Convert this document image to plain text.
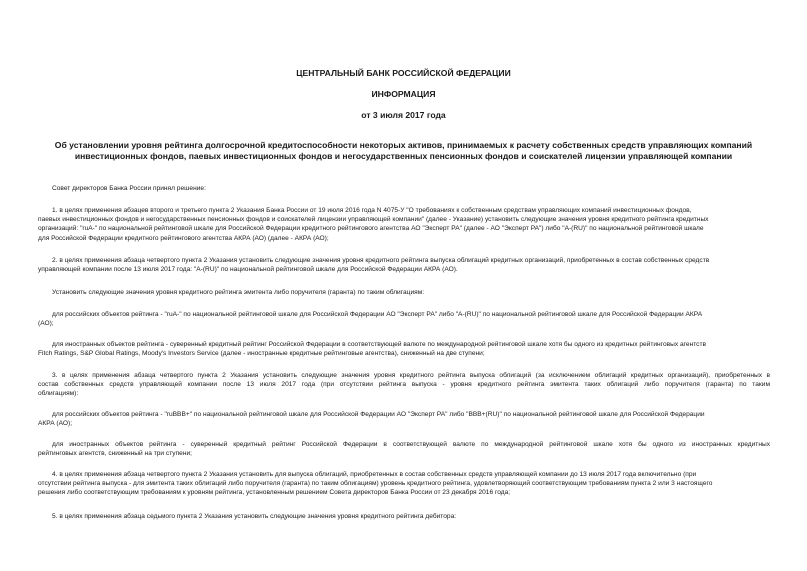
ЦЕНТРАЛЬНЫЙ БАНК РОССИЙСКОЙ ФЕДЕРАЦИИ
ИНФОРМАЦИЯ
от 3 июля 2017 года
Об установлении уровня рейтинга долгосрочной кредитоспособности некоторых активов, принимаемых к расчету собственных средств управляющих компаний
инвестиционных фондов, паевых инвестиционных фондов и негосударственных пенсионных фондов и соискателей лицензии управляющей компании
Совет директоров Банка России принял решение:
1. в целях применения абзацев второго и третьего пункта 2 Указания Банка России от 19 июля 2016 года N 4075-У "О требованиях к собственным средствам управляющих компаний инвестиционных фондов,
паевых инвестиционных фондов и негосударственных пенсионных фондов и соискателей лицензии управляющей компании" (далее - Указание) установить следующие значения уровня кредитного рейтинга кредитных
организаций: "ruA-" по национальной рейтинговой шкале для Российской Федерации кредитного рейтингового агентства АО "Эксперт РА" (далее - АО "Эксперт РА") либо "A-(RU)" по национальной рейтинговой шкале
для Российской Федерации кредитного рейтингового агентства АКРА (АО) (далее - АКРА (АО);
2. в целях применения абзаца четвертого пункта 2 Указания установить следующие значения уровня кредитного рейтинга выпуска облигаций кредитных организаций, приобретенных в состав собственных средств
управляющей компании после 13 июля 2017 года: "A-(RU)" по национальной рейтинговой шкале для Российской Федерации АКРА (АО).
Установить следующие значения уровня кредитного рейтинга эмитента либо поручителя (гаранта) по таким облигациям:
для российских объектов рейтинга - "ruA-" по национальной рейтинговой шкале для Российской Федерации АО "Эксперт РА" либо "A-(RU)" по национальной рейтинговой шкале для Российской Федерации АКРА
(АО);
для иностранных объектов рейтинга - суверенный кредитный рейтинг Российской Федерации в соответствующей валюте по международной рейтинговой шкале хотя бы одного из кредитных рейтинговых агентств
Fitch Ratings, S&P Global Ratings, Moody's Investors Service (далее - иностранные кредитные рейтинговые агентства), сниженный на две ступени;
3. в целях применения абзаца четвертого пункта 2 Указания установить следующие значения уровня кредитного рейтинга выпуска облигаций (за исключением облигаций кредитных организаций), приобретенных в
состав собственных средств управляющей компании после 13 июля 2017 года (при отсутствии рейтинга выпуска - уровня кредитного рейтинга эмитента таких облигаций либо поручителя (гаранта) по таким
облигациям):
для российских объектов рейтинга - "ruBBB+" по национальной рейтинговой шкале для Российской Федерации АО "Эксперт РА" либо "BBB+(RU)" по национальной рейтинговой шкале для Российской Федерации
АКРА (АО);
для иностранных объектов рейтинга - суверенный кредитный рейтинг Российской Федерации в соответствующей валюте по международной рейтинговой шкале хотя бы одного из иностранных кредитных
рейтинговых агентств, сниженный на три ступени;
4. в целях применения абзаца четвертого пункта 2 Указания установить для выпуска облигаций, приобретенных в состав собственных средств управляющей компании до 13 июля 2017 года включительно (при
отсутствии рейтинга выпуска - для эмитента таких облигаций либо поручителя (гаранта) по таким облигациям) уровень кредитного рейтинга, удовлетворяющий соответствующим требованиям пункта 2 или 3 настоящего
решения либо соответствующим требованиям к уровням рейтинга, установленным решением Совета директоров Банка России от 23 декабря 2016 года;
5. в целях применения абзаца седьмого пункта 2 Указания установить следующие значения уровня кредитного рейтинга дебитора:
